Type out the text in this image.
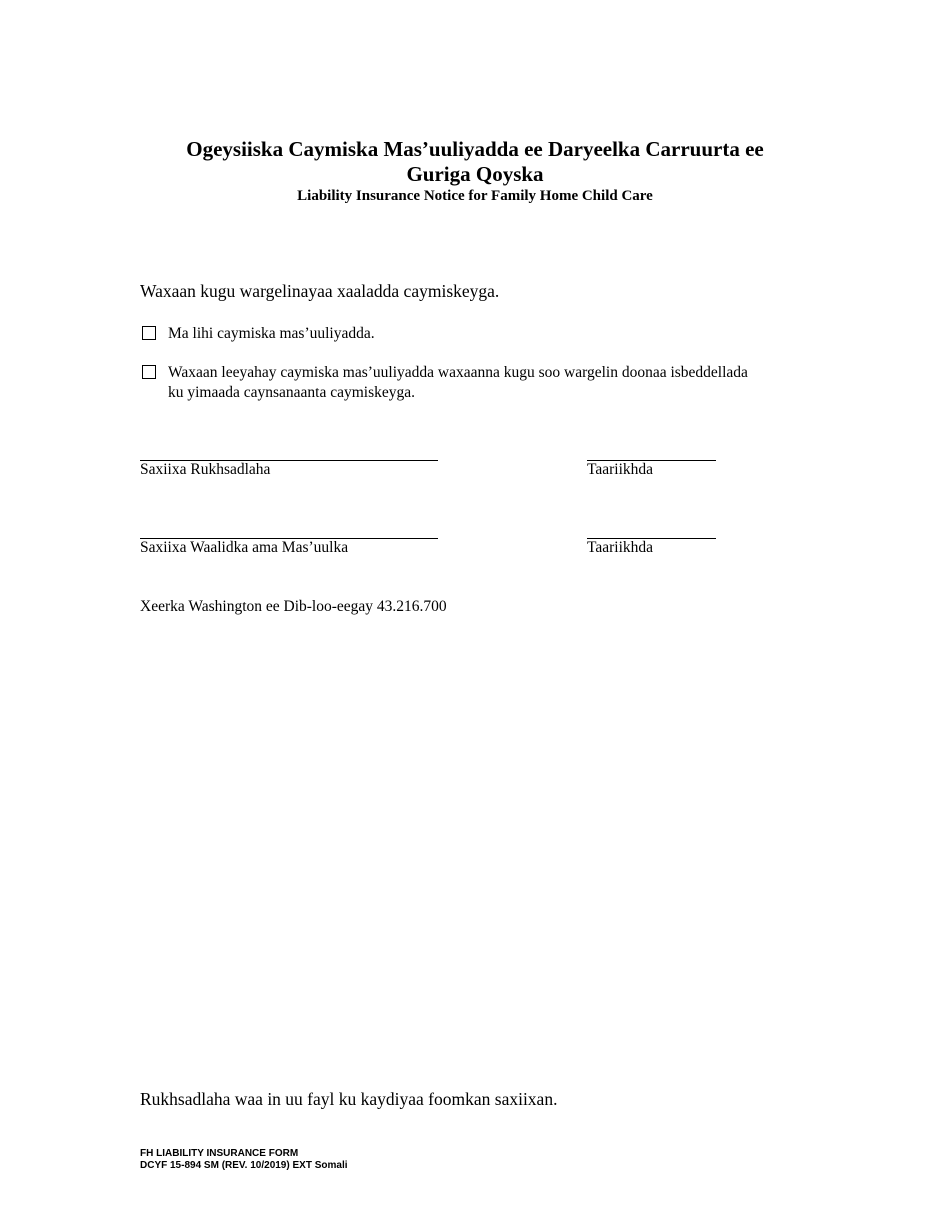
Ogeysiiska Caymiska Mas’uuliyadda ee Daryeelka Carruurta ee
Guriga Qoyska
Liability Insurance Notice for Family Home Child Care
Waxaan kugu wargelinayaa xaaladda caymiskeyga.
Ma lihi caymiska mas’uuliyadda.
Waxaan leeyahay caymiska mas’uuliyadda waxaanna kugu soo wargelin doonaa isbeddellada
ku yimaada caynsanaanta caymiskeyga.
Saxiixa Rukhsadlaha	Taariikhda
Saxiixa Waalidka ama Mas’uulka	Taariikhda
Xeerka Washington ee Dib-loo-eegay 43.216.700
Rukhsadlaha waa in uu fayl ku kaydiyaa foomkan saxiixan.
FH LIABILITY INSURANCE FORM
DCYF 15-894 SM (REV. 10/2019) EXT Somali
